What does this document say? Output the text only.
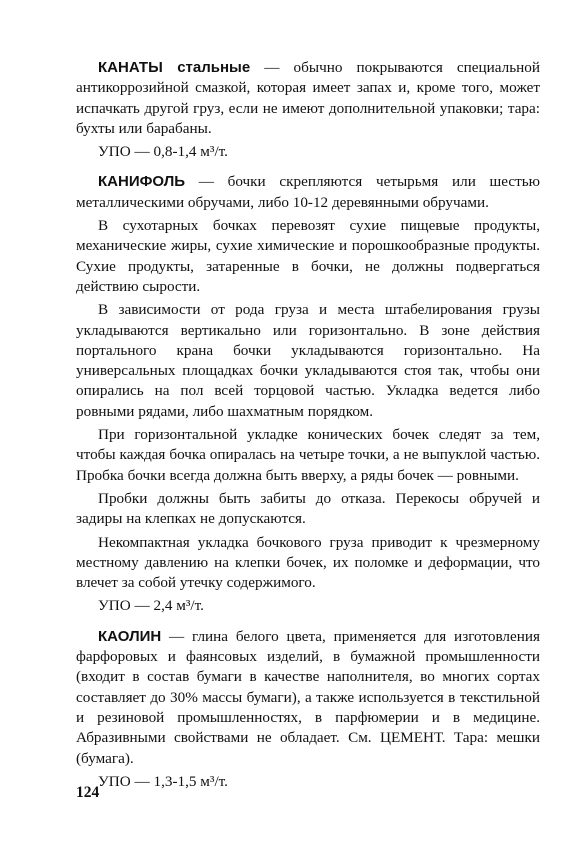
КАНАТЫ стальные — обычно покрываются специальной антикоррозийной смазкой, которая имеет запах и, кроме того, может испачкать другой груз, если не имеют дополнительной упаковки; тара: бухты или барабаны.

УПО — 0,8-1,4 м³/т.

КАНИФОЛЬ — бочки скрепляются четырьмя или шестью металлическими обручами, либо 10-12 деревянными обручами.

В сухотарных бочках перевозят сухие пищевые продукты, механические жиры, сухие химические и порошкообразные продукты. Сухие продукты, затаренные в бочки, не должны подвергаться действию сырости.

В зависимости от рода груза и места штабелирования грузы укладываются вертикально или горизонтально. В зоне действия портального крана бочки укладываются горизонтально. На универсальных площадках бочки укладываются стоя так, чтобы они опирались на пол всей торцовой частью. Укладка ведется либо ровными рядами, либо шахматным порядком.

При горизонтальной укладке конических бочек следят за тем, чтобы каждая бочка опиралась на четыре точки, а не выпуклой частью. Пробка бочки всегда должна быть вверху, а ряды бочек — ровными.

Пробки должны быть забиты до отказа. Перекосы обручей и задиры на клепках не допускаются.

Некомпактная укладка бочкового груза приводит к чрезмерному местному давлению на клепки бочек, их поломке и деформации, что влечет за собой утечку содержимого.

УПО — 2,4 м³/т.

КАОЛИН — глина белого цвета, применяется для изготовления фарфоровых и фаянсовых изделий, в бумажной промышленности (входит в состав бумаги в качестве наполнителя, во многих сортах составляет до 30% массы бумаги), а также используется в текстильной и резиновой промышленностях, в парфюмерии и в медицине. Абразивными свойствами не обладает. См. ЦЕМЕНТ. Тара: мешки (бумага).

УПО — 1,3-1,5 м³/т.

124
